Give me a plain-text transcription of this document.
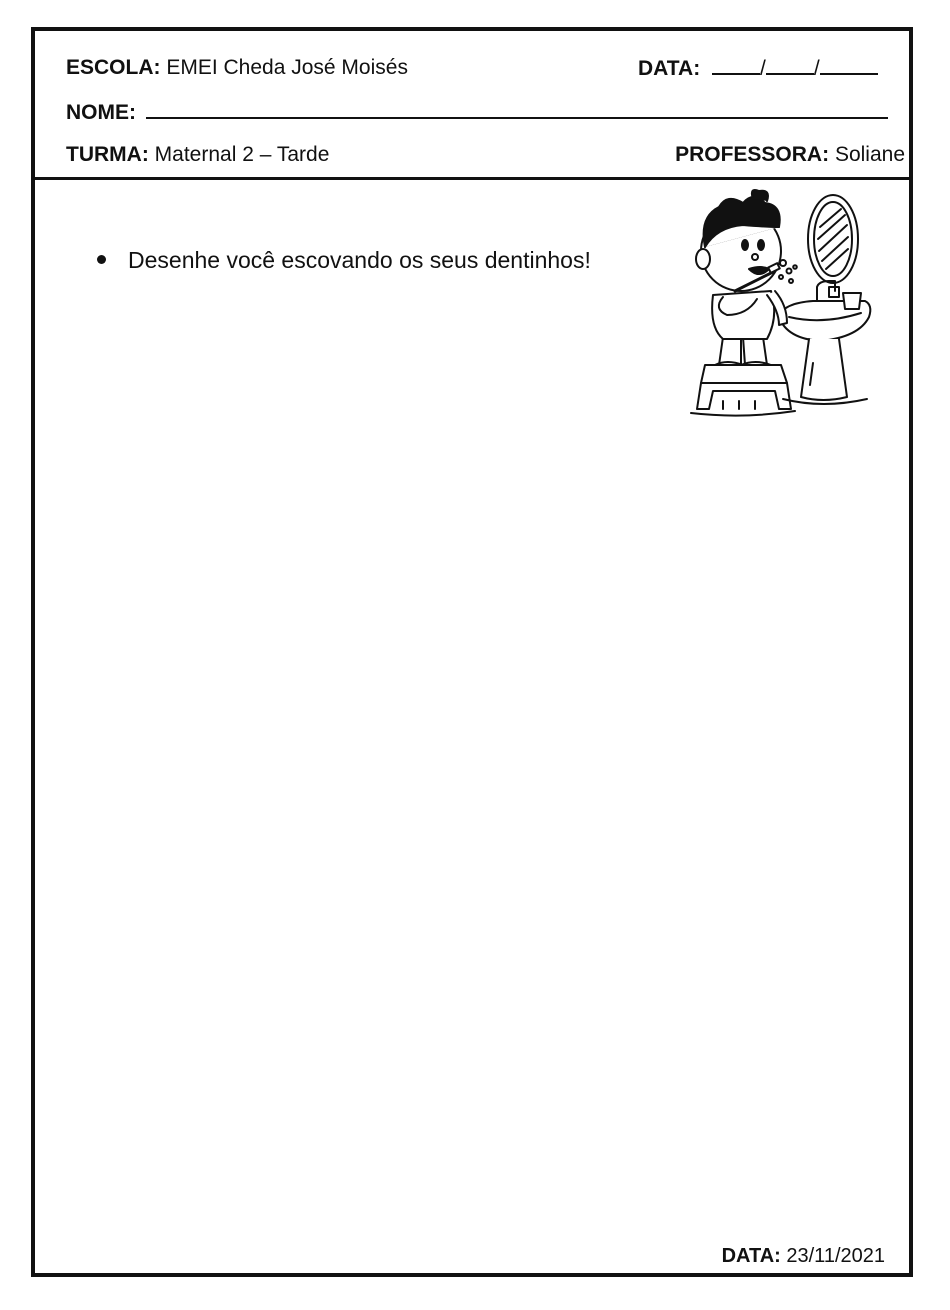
ESCOLA: EMEI Cheda José Moisés	DATA:	/ /
NOME:
TURMA: Maternal 2 – Tarde	PROFESSORA: Soliane
Desenhe você escovando os seus dentinhos!
DATA: 23/11/2021
